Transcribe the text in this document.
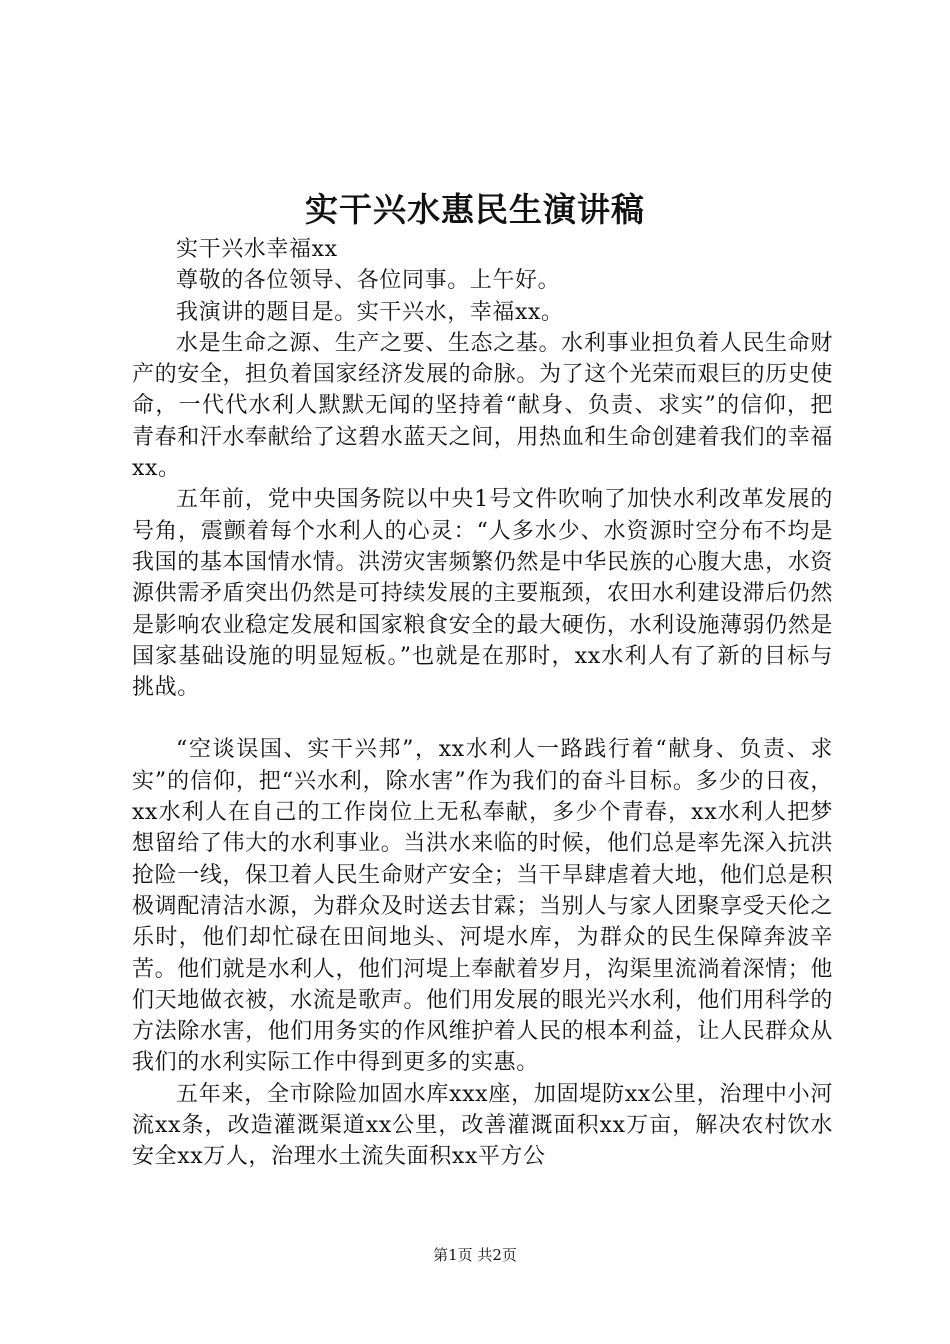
实干兴水惠民生演讲稿

实干兴水幸福xx

尊敬的各位领导、各位同事。上午好。

我演讲的题目是。实干兴水，幸福xx。

水是生命之源、生产之要、生态之基。水利事业担负着人民生命财产的安全，担负着国家经济发展的命脉。为了这个光荣而艰巨的历史使命，一代代水利人默默无闻的坚持着“献身、负责、求实”的信仰，把青春和汗水奉献给了这碧水蓝天之间，用热血和生命创建着我们的幸福xx。

五年前，党中央国务院以中央1号文件吹响了加快水利改革发展的号角，震颤着每个水利人的心灵：“人多水少、水资源时空分布不均是我国的基本国情水情。洪涝灾害频繁仍然是中华民族的心腹大患，水资源供需矛盾突出仍然是可持续发展的主要瓶颈，农田水利建设滞后仍然是影响农业稳定发展和国家粮食安全的最大硬伤，水利设施薄弱仍然是国家基础设施的明显短板。”也就是在那时，xx水利人有了新的目标与挑战。

“空谈误国、实干兴邦”，xx水利人一路践行着“献身、负责、求实”的信仰，把“兴水利，除水害”作为我们的奋斗目标。多少的日夜，xx水利人在自己的工作岗位上无私奉献，多少个青春，xx水利人把梦想留给了伟大的水利事业。当洪水来临的时候，他们总是率先深入抗洪抢险一线，保卫着人民生命财产安全；当干旱肆虐着大地，他们总是积极调配清洁水源，为群众及时送去甘霖；当别人与家人团聚享受天伦之乐时，他们却忙碌在田间地头、河堤水库，为群众的民生保障奔波辛苦。他们就是水利人，他们河堤上奉献着岁月，沟渠里流淌着深情；他们天地做衣被，水流是歌声。他们用发展的眼光兴水利，他们用科学的方法除水害，他们用务实的作风维护着人民的根本利益，让人民群众从我们的水利实际工作中得到更多的实惠。

五年来，全市除险加固水库xxx座，加固堤防xx公里，治理中小河流xx条，改造灌溉渠道xx公里，改善灌溉面积xx万亩，解决农村饮水安全xx万人，治理水土流失面积xx平方公

第1页 共2页
